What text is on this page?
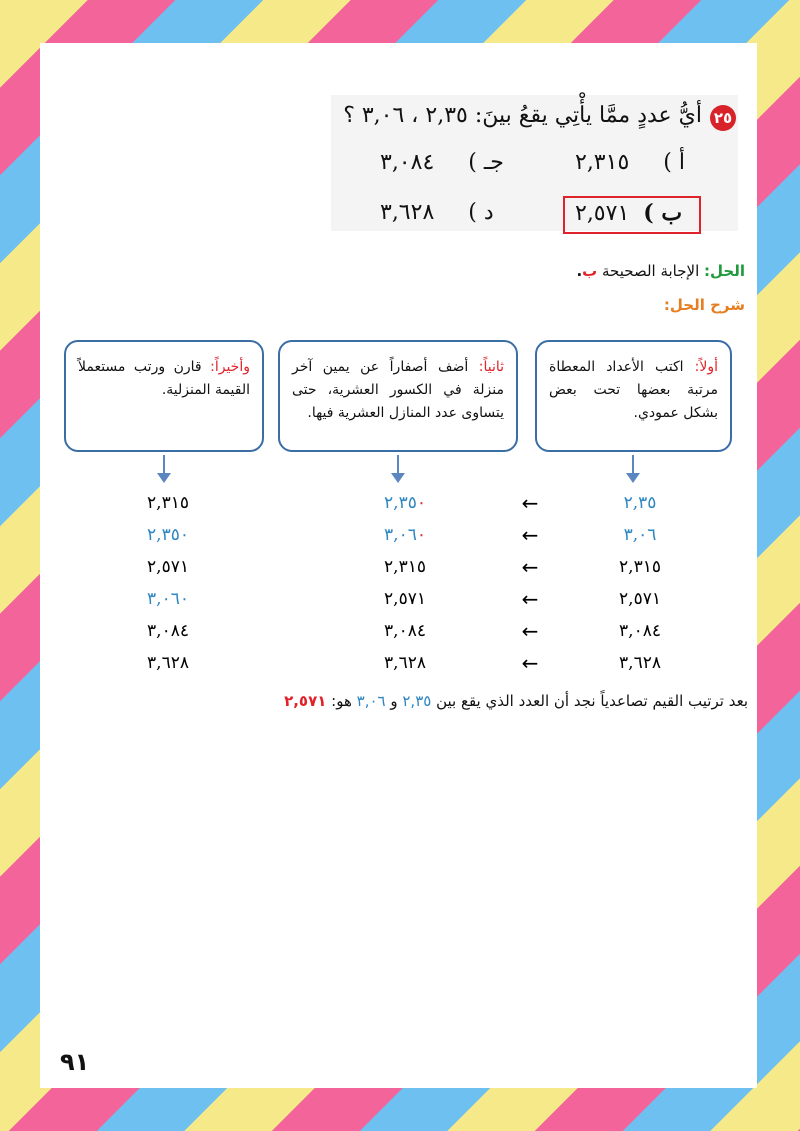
٢٥
أيُّ عددٍ ممَّا يأْتِي يقعُ بينَ: ٢,٣٥ ، ٣,٠٦ ؟
أ )٢,٣١٥
جـ )٣,٠٨٤
ب )٢,٥٧١
د )٣,٦٢٨
الحل: الإجابة الصحيحة ب.
شرح الحل:
أولاً: اكتب الأعداد المعطاة مرتبة بعضها تحت بعض بشكل عمودي.
ثانياً: أضف أصفاراً عن يمين آخر منزلة في الكسور العشرية، حتى يتساوى عدد المنازل العشرية فيها.
وأخيراً: قارن ورتب مستعملاً القيمة المنزلية.
٢,٣٥
٣,٠٦
٢,٣١٥
٢,٥٧١
٣,٠٨٤
٣,٦٢٨
←
←
←
←
←
←
٢,٣٥٠
٣,٠٦٠
٢,٣١٥
٢,٥٧١
٣,٠٨٤
٣,٦٢٨
٢,٣١٥
٢,٣٥٠
٢,٥٧١
٣,٠٦٠
٣,٠٨٤
٣,٦٢٨
بعد ترتيب القيم تصاعدياً نجد أن العدد الذي يقع بين ٢,٣٥ و ٣,٠٦ هو: ٢,٥٧١
٩١
